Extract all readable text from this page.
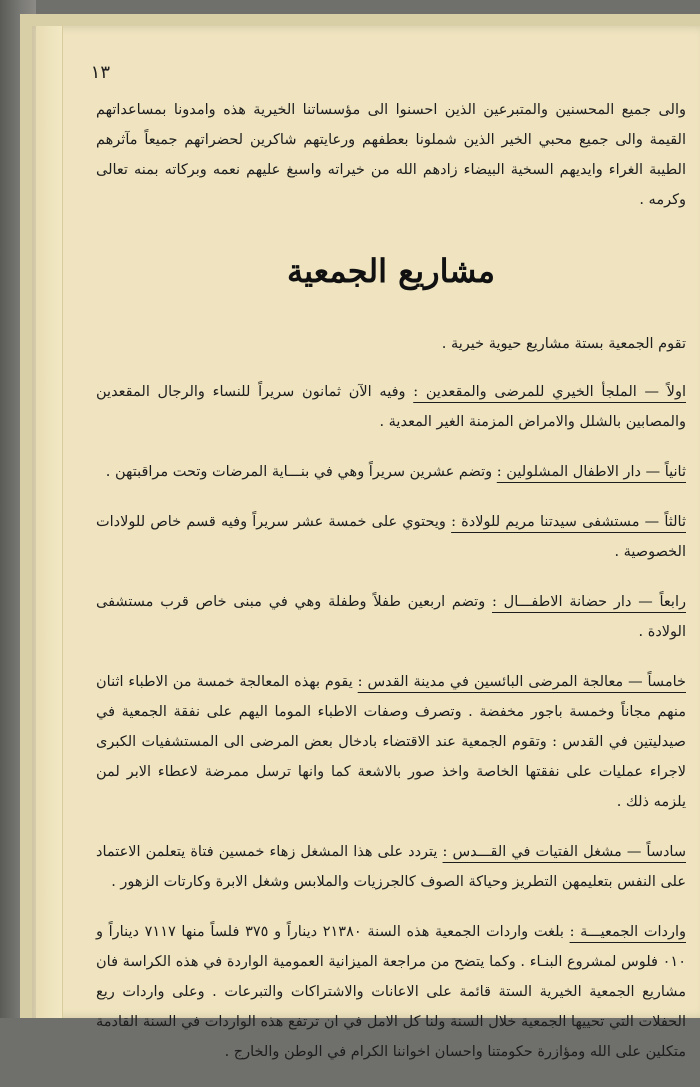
١٣

والى جميع المحسنين والمتبرعين الذين احسنوا الى مؤسساتنا الخيرية هذه وامدونا بمساعداتهم القيمة والى جميع محبي الخير الذين شملونا بعطفهم ورعايتهم شاكرين لحضراتهم جميعاً مآثرهم الطيبة الغراء وايديهم السخية البيضاء زادهم الله من خيراته واسبغ عليهم نعمه وبركاته بمنه تعالى وكرمه .

مشاريع الجمعية

تقوم الجمعية بستة مشاريع حيوية خيرية .

اولاً — الملجأ الخيري للمرضى والمقعدين : وفيه الآن ثمانون سريراً للنساء والرجال المقعدين والمصابين بالشلل والامراض المزمنة الغير المعدية .

ثانياً — دار الاطفال المشلولين : وتضم عشرين سريراً وهي في بنـــاية المرضات وتحت مراقبتهن .

ثالثاً — مستشفى سيدتنا مريم للولادة : ويحتوي على خمسة عشر سريراً وفيه قسم خاص للولادات الخصوصية .

رابعاً — دار حضانة الاطفـــال : وتضم اربعين طفلاً وطفلة وهي في مبنى خاص قرب مستشفى الولادة .

خامساً — معالجة المرضى البائسين في مدينة القدس : يقوم بهذه المعالجة خمسة من الاطباء اثنان منهم مجاناً وخمسة باجور مخفضة . وتصرف وصفات الاطباء الموما اليهم على نفقة الجمعية في صيدليتين في القدس : وتقوم الجمعية عند الاقتضاء بادخال بعض المرضى الى المستشفيات الكبرى لاجراء عمليات على نفقتها الخاصة واخذ صور بالاشعة كما وانها ترسل ممرضة لاعطاء الابر لمن يلزمه ذلك .

سادساً — مشغل الفتيات في القـــدس : يتردد على هذا المشغل زهاء خمسين فتاة يتعلمن الاعتماد على النفس بتعليمهن التطريز وحياكة الصوف كالجرزيات والملابس وشغل الابرة وكارتات الزهور .

واردات الجمعيـــة : بلغت واردات الجمعية هذه السنة ٢١٣٨٠ ديناراً و ٣٧٥ فلساً منها ٧١١٧ ديناراً و ٠١٠ فلوس لمشروع البنـاء . وكما يتضح من مراجعة الميزانية العمومية الواردة في هذه الكراسة فان مشاريع الجمعية الخيرية الستة قائمة على الاعانات والاشتراكات والتبرعات . وعلى واردات ريع الحفلات التي تحييها الجمعية خلال السنة ولنا كل الامل في ان ترتفع هذه الواردات في السنة القادمة متكلين على الله ومؤازرة حكومتنا واحسان اخواننا الكرام في الوطن والخارج .
